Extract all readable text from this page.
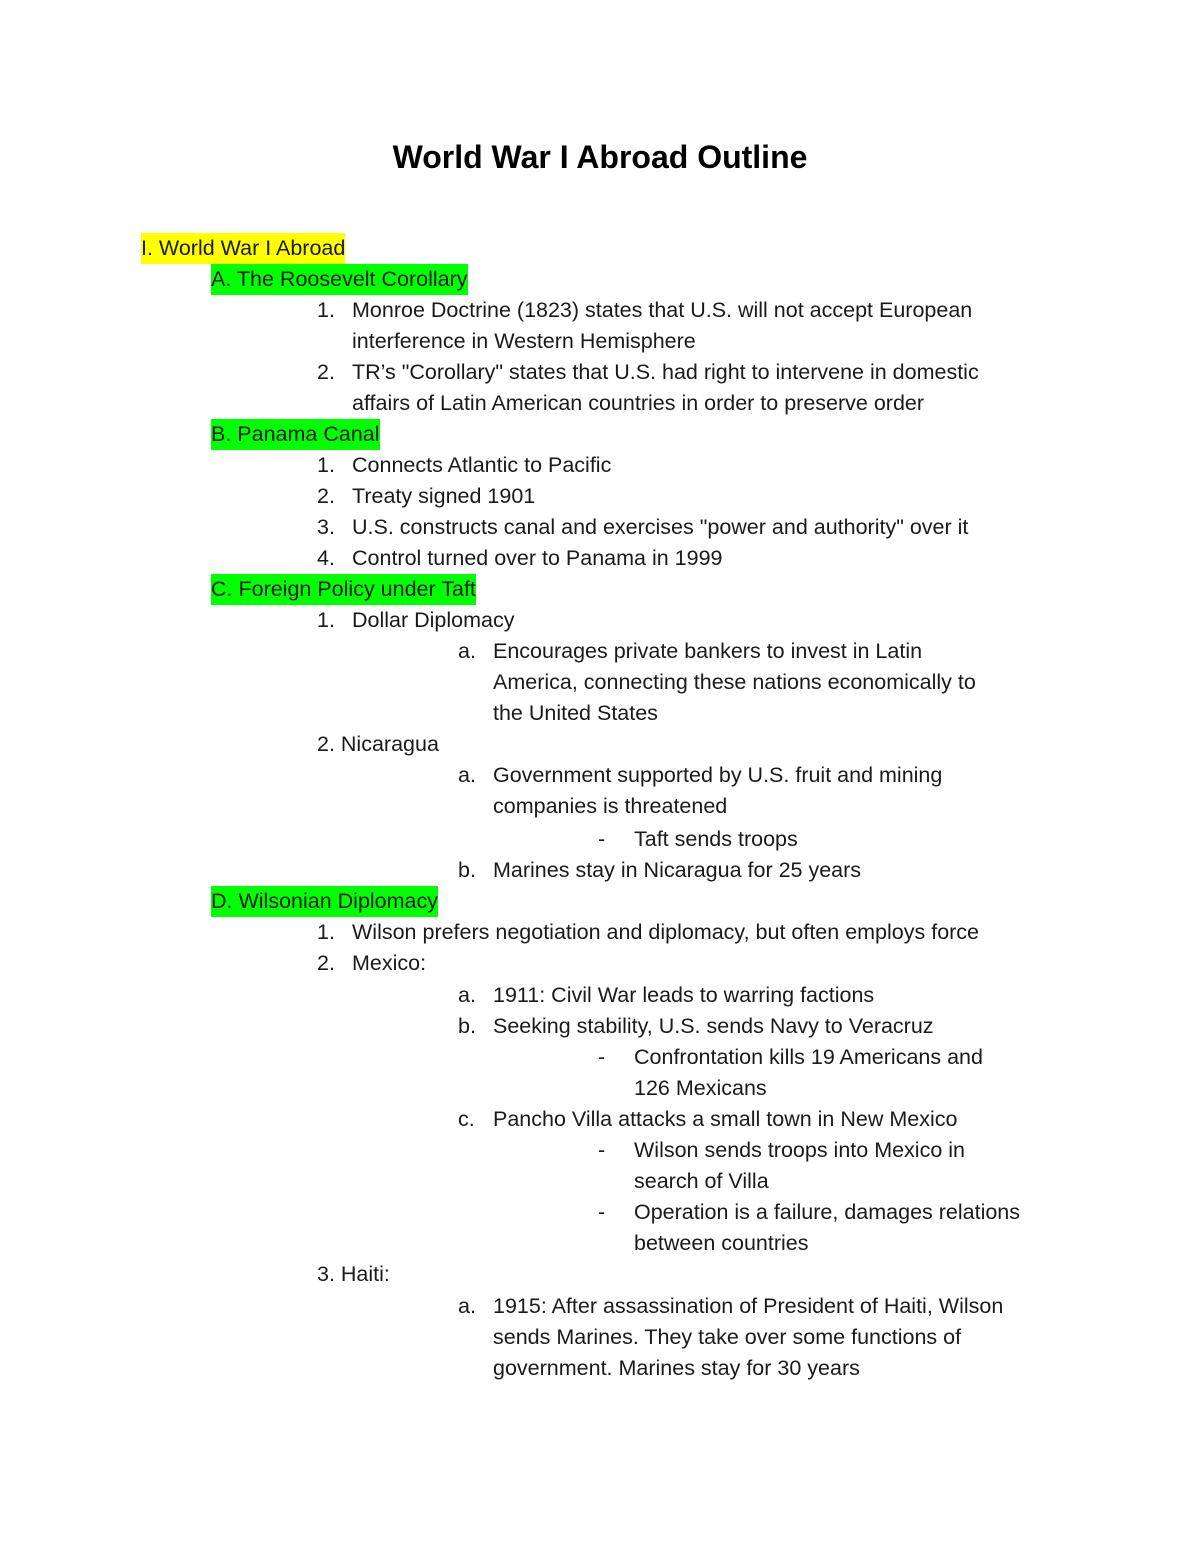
World War I Abroad Outline
I. World War I Abroad
A. The Roosevelt Corollary
1. Monroe Doctrine (1823) states that U.S. will not accept European
interference in Western Hemisphere
2. TR’s "Corollary" states that U.S. had right to intervene in domestic
affairs of Latin American countries in order to preserve order
B. Panama Canal
1. Connects Atlantic to Pacific
2. Treaty signed 1901
3. U.S. constructs canal and exercises "power and authority" over it
4. Control turned over to Panama in 1999
C. Foreign Policy under Taft
1. Dollar Diplomacy
a. Encourages private bankers to invest in Latin
America, connecting these nations economically to
the United States
2. Nicaragua
a. Government supported by U.S. fruit and mining
companies is threatened
- Taft sends troops
b. Marines stay in Nicaragua for 25 years
D. Wilsonian Diplomacy
1. Wilson prefers negotiation and diplomacy, but often employs force
2. Mexico:
a. 1911: Civil War leads to warring factions
b. Seeking stability, U.S. sends Navy to Veracruz
- Confrontation kills 19 Americans and
126 Mexicans
c. Pancho Villa attacks a small town in New Mexico
- Wilson sends troops into Mexico in
search of Villa
- Operation is a failure, damages relations
between countries
3. Haiti:
a. 1915: After assassination of President of Haiti, Wilson
sends Marines. They take over some functions of
government. Marines stay for 30 years
